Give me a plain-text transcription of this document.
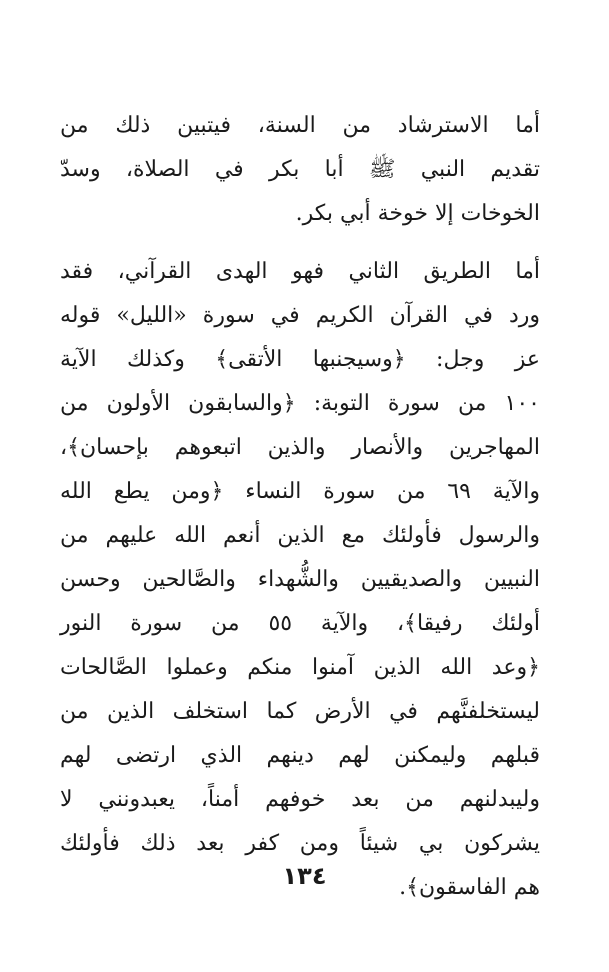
أما الاسترشاد من السنة، فيتبين ذلك من
تقديم النبي ﷺ أبا بكر في الصلاة، وسدّ
الخوخات إلا خوخة أبي بكر.
أما الطريق الثاني فهو الهدى القرآني، فقد
ورد في القرآن الكريم في سورة «الليل» قوله
عز وجل: ﴿وسيجنبها الأتقى﴾ وكذلك الآية
١٠٠ من سورة التوبة: ﴿والسابقون الأولون من
المهاجرين والأنصار والذين اتبعوهم بإحسان﴾،
والآية ٦٩ من سورة النساء ﴿ومن يطع الله
والرسول فأولئك مع الذين أنعم الله عليهم من
النبيين والصديقيين والشُّهداء والصَّالحين وحسن
أولئك رفيقا﴾، والآية ٥٥ من سورة النور
﴿وعد الله الذين آمنوا منكم وعملوا الصَّالحات
ليستخلفنَّهم في الأرض كما استخلف الذين من
قبلهم وليمكنن لهم دينهم الذي ارتضى لهم
وليبدلنهم من بعد خوفهم أمناً، يعبدونني لا
يشركون بي شيئاً ومن كفر بعد ذلك فأولئك
هم الفاسقون﴾.
١٣٤
